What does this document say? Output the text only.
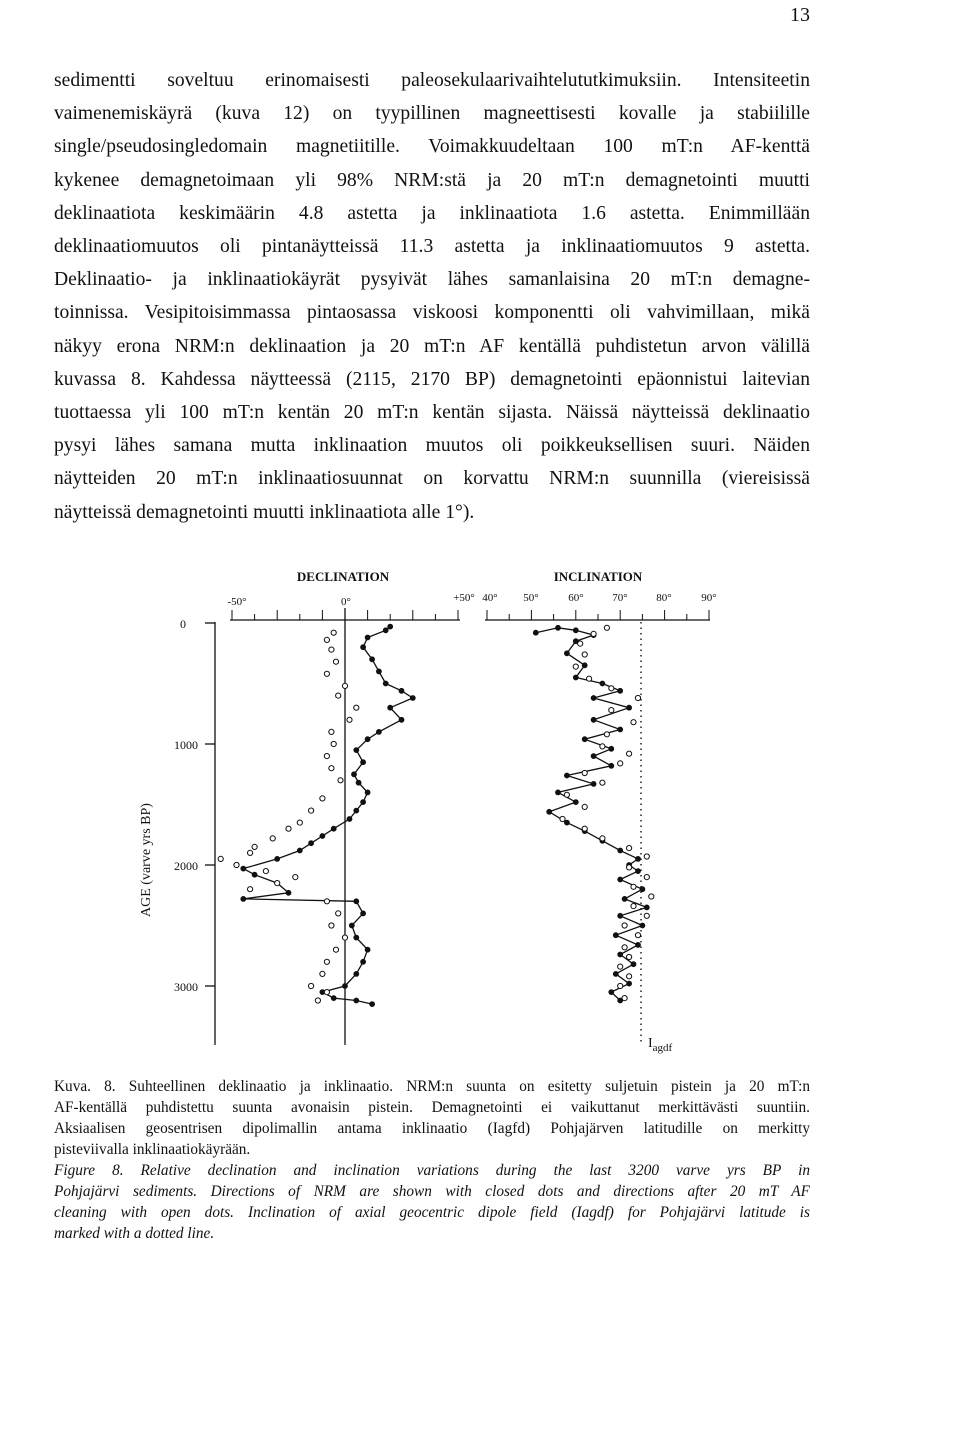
13
sedimentti soveltuu erinomaisesti paleosekulaarivaihtelututkimuksiin. Intensiteetin
vaimenemiskäyrä (kuva 12) on tyypillinen magneettisesti kovalle ja stabiilille
single/pseudosingledomain magnetiitille. Voimakkuudeltaan 100 mT:n AF-kenttä
kykenee demagnetoimaan yli 98% NRM:stä ja 20 mT:n demagnetointi muutti
deklinaatiota keskimäärin 4.8 astetta ja inklinaatiota 1.6 astetta. Enimmillään
deklinaatiomuutos oli pintanäytteissä 11.3 astetta ja inklinaatiomuutos 9 astetta.
Deklinaatio- ja inklinaatiokäyrät pysyivät lähes samanlaisina 20 mT:n demagne-
toinnissa. Vesipitoisimmassa pintaosassa viskoosi komponentti oli vahvimillaan, mikä
näkyy erona NRM:n deklinaation ja 20 mT:n AF kentällä puhdistetun arvon välillä
kuvassa 8. Kahdessa näytteessä (2115, 2170 BP) demagnetointi epäonnistui laitevian
tuottaessa yli 100 mT:n kentän 20 mT:n kentän sijasta. Näissä näytteissä deklinaatio
pysyi lähes samana mutta inklinaation muutos oli poikkeuksellisen suuri. Näiden
näytteiden 20 mT:n inklinaatiosuunnat on korvattu NRM:n suunnilla (viereisissä
näytteissä demagnetointi muutti inklinaatiota alle 1°).
AGE (varve yrs BP)
0
1000
2000
3000
DECLINATION
-50°	0°	+50°
INCLINATION
40° 50°	60°	70°	80°	90°
$I_{agdf}$
Kuva. 8. Suhteellinen deklinaatio ja inklinaatio. NRM:n suunta on esitetty suljetuin pistein ja 20 mT:n
AF-kentällä puhdistettu suunta avonaisin pistein. Demagnetointi ei vaikuttanut merkittävästi suuntiin.
Aksiaalisen geosentrisen dipolimallin antama inklinaatio (Iagfd) Pohjajärven latitudille on merkitty
pisteviivalla inklinaatiokäyrään.
Figure 8. Relative declination and inclination variations during the last 3200 varve yrs BP in
Pohjajärvi sediments. Directions of NRM are shown with closed dots and directions after 20 mT AF
cleaning with open dots. Inclination of axial geocentric dipole field (Iagdf) for Pohjajärvi latitude is
marked with a dotted line.
